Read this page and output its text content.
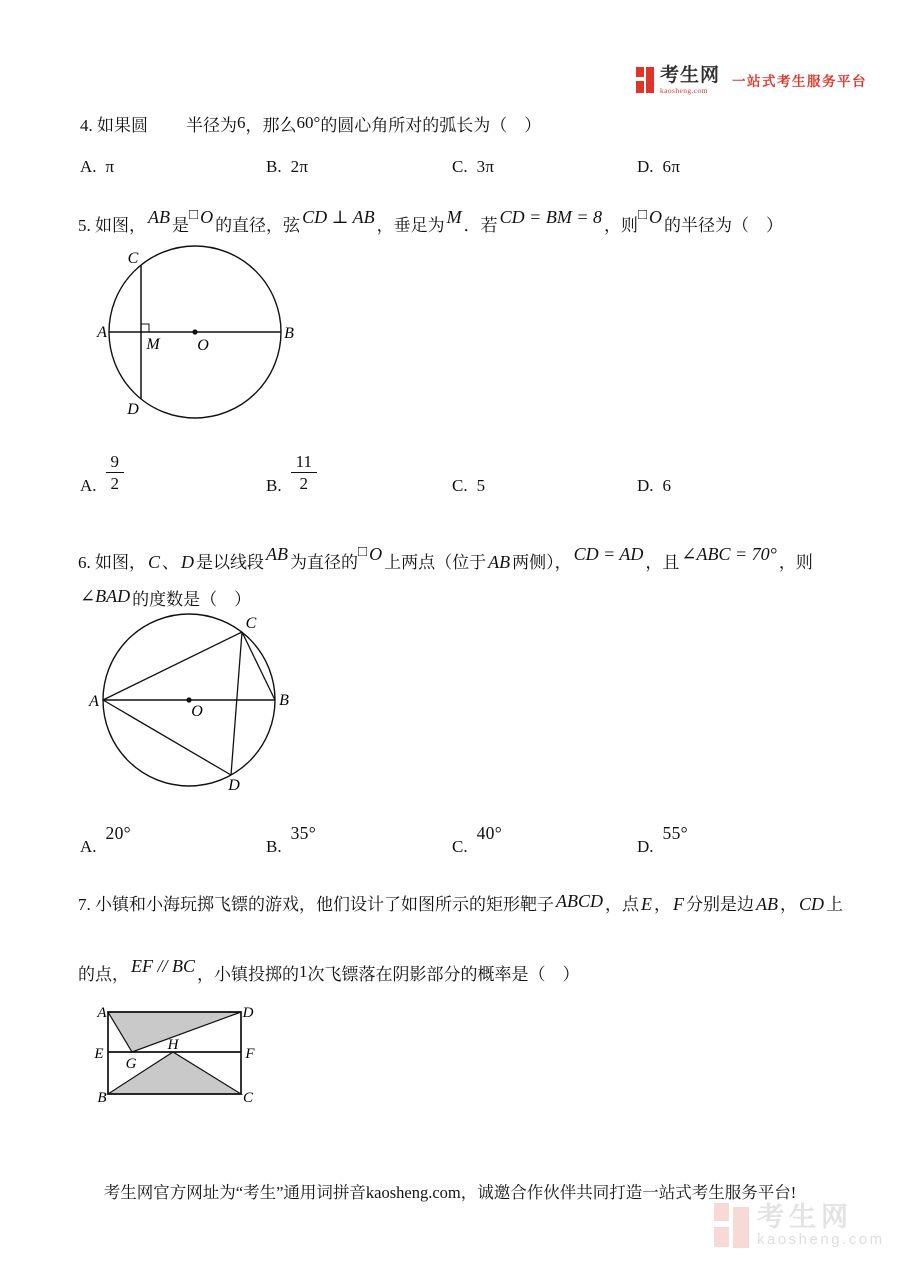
考生网
kaosheng.com
一站式考生服务平台
4. 如果圆 半径为6，那么60°的圆心角所对的弧长为（　）
A. π	B. 2π	C. 3π	D. 6π
5. 如图， AB 是□ O 的直径，弦 CD ⊥ AB ，垂足为 M ．若 CD = BM = 8 ，则□ O 的半径为（　）
C
A
M O
B
D
A. $\frac{9}{2}$	B. $\frac{11}{2}$	C. 5	D. 6
6. 如图， C 、 D 是以线段 AB 为直径的□ O 上两点（位于 AB 两侧）， CD = AD ，且 ∠ABC = 70° ，则
∠BAD 的度数是（　）
A	B
C
O
D
A.
20°
B.
35°
C.
40°
D.
55°
7. 小镇和小海玩掷飞镖的游戏，他们设计了如图所示的矩形靶子 ABCD ，点 E ， F 分别是边 AB ， CD 上
的点， EF // BC ，小镇投掷的1次飞镖落在阴影部分的概率是（　）
A	D
E	F
G
H
B	C
考生网官方网址为“考生”通用词拼音kaosheng.com，诚邀合作伙伴共同打造一站式考生服务平台!
考生网
kaosheng.com
